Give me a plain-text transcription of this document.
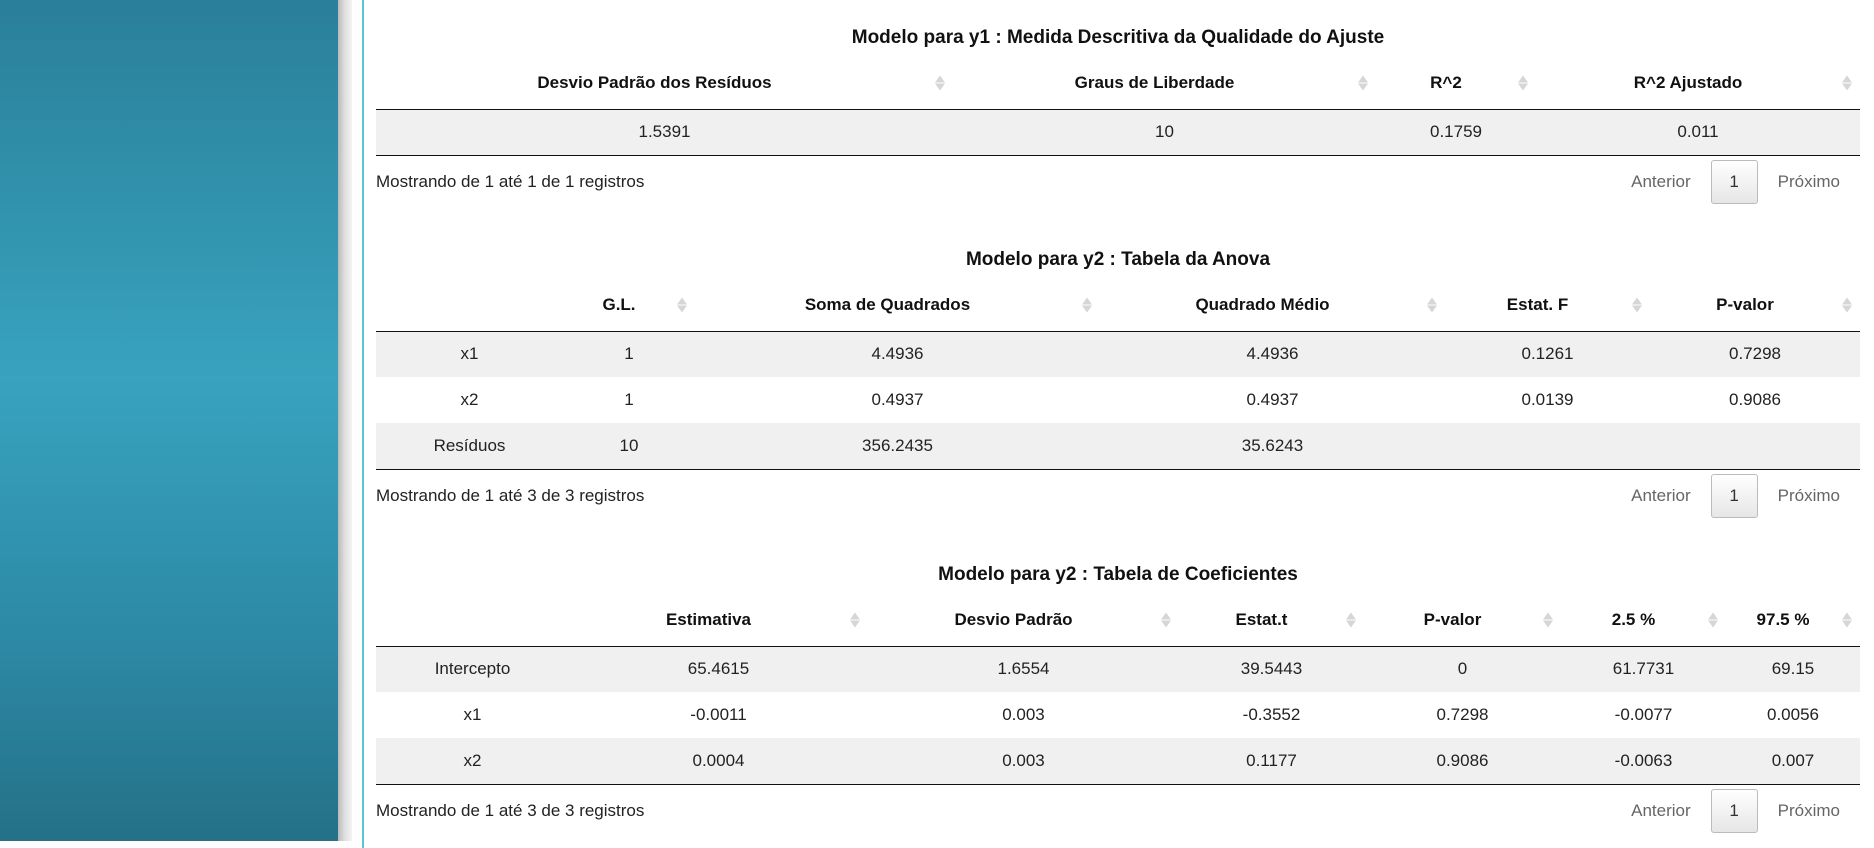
Modelo para y1 : Medida Descritiva da Qualidade do Ajuste
Desvio Padrão dos Resíduos	Graus de Liberdade	R^2	R^2 Ajustado

1.5391	10	0.1759	0.011
Mostrando de 1 até 1 de 1 registros	Anterior	1	Próximo
Modelo para y2 : Tabela da Anova
	G.L.	Soma de Quadrados	Quadrado Médio	Estat. F	P-valor

x1	1	4.4936	4.4936	0.1261	0.7298
x2	1	0.4937	0.4937	0.0139	0.9086
Resíduos	10	356.2435	35.6243		
Mostrando de 1 até 3 de 3 registros	Anterior	1	Próximo
Modelo para y2 : Tabela de Coeficientes
	Estimativa	Desvio Padrão	Estat.t	P-valor	2.5 %	97.5 %

Intercepto	65.4615	1.6554	39.5443	0	61.7731	69.15
x1	-0.0011	0.003	-0.3552	0.7298	-0.0077	0.0056
x2	0.0004	0.003	0.1177	0.9086	-0.0063	0.007
Mostrando de 1 até 3 de 3 registros	Anterior	1	Próximo
